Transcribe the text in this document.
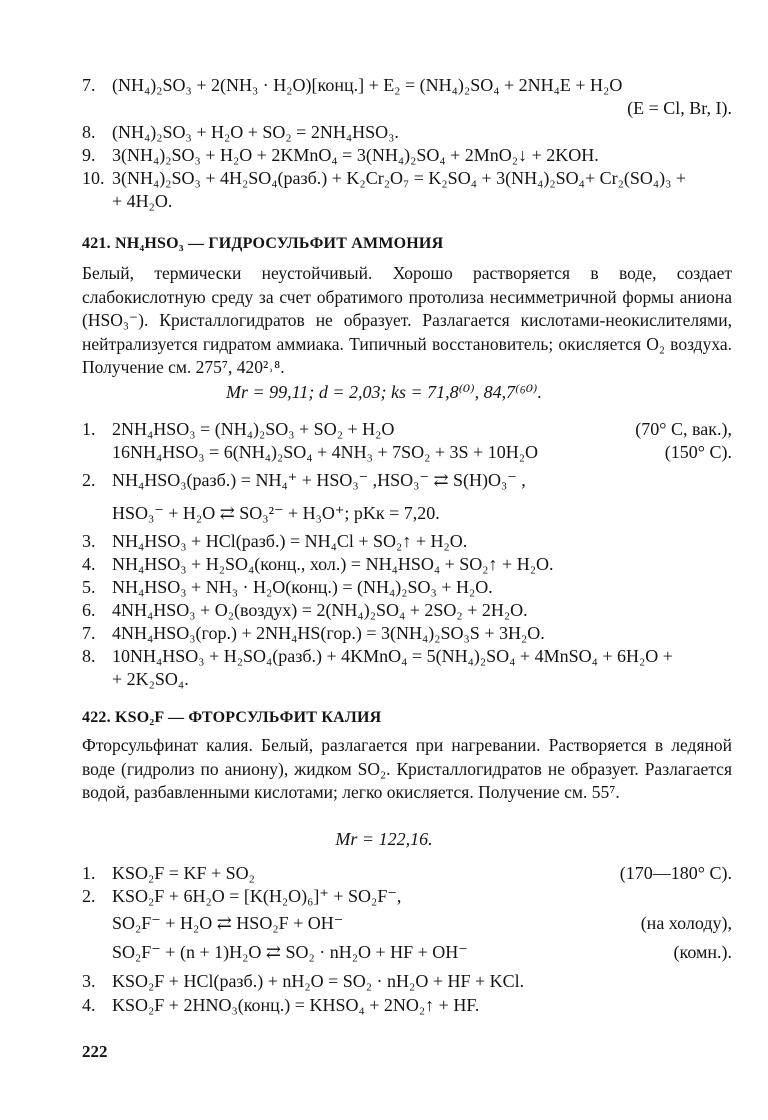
7. (NH₄)₂SO₃ + 2(NH₃ · H₂O)[конц.] + E₂ = (NH₄)₂SO₄ + 2NH₄E + H₂O
(E = Cl, Br, I).
8. (NH₄)₂SO₃ + H₂O + SO₂ = 2NH₄HSO₃.
9. 3(NH₄)₂SO₃ + H₂O + 2KMnO₄ = 3(NH₄)₂SO₄ + 2MnO₂↓ + 2KOH.
10. 3(NH₄)₂SO₃ + 4H₂SO₄(разб.) + K₂Cr₂O₇ = K₂SO₄ + 3(NH₄)₂SO₄+ Cr₂(SO₄)₃ +
+ 4H₂O.
421. NH₄HSO₃ — ГИДРОСУЛЬФИТ АММОНИЯ
Белый, термически неустойчивый. Хорошо растворяется в воде, создает слабокислотную среду за счет обратимого протолиза несимметричной формы аниона (HSO₃⁻). Кристаллогидратов не образует. Разлагается кислотами-неокислителями, нейтрализуется гидратом аммиака. Типичный восстановитель; окисляется O₂ воздуха. Получение см. 275⁷, 420²˒⁸.
Mr = 99,11; d = 2,03; ks = 71,8⁽⁰⁾, 84,7⁽⁶⁰⁾.
1. 2NH₄HSO₃ = (NH₄)₂SO₃ + SO₂ + H₂O	(70° C, вак.),
16NH₄HSO₃ = 6(NH₄)₂SO₄ + 4NH₃ + 7SO₂ + 3S + 10H₂O	(150° C).
2. NH₄HSO₃(разб.) = NH₄⁺ + HSO₃⁻ ,HSO₃⁻ ⇄ S(H)O₃⁻ ,
HSO₃⁻ + H₂O ⇄ SO₃²⁻ + H₃O⁺; pKк = 7,20.
3. NH₄HSO₃ + HCl(разб.) = NH₄Cl + SO₂↑ + H₂O.
4. NH₄HSO₃ + H₂SO₄(конц., хол.) = NH₄HSO₄ + SO₂↑ + H₂O.
5. NH₄HSO₃ + NH₃ · H₂O(конц.) = (NH₄)₂SO₃ + H₂O.
6. 4NH₄HSO₃ + O₂(воздух) = 2(NH₄)₂SO₄ + 2SO₂ + 2H₂O.
7. 4NH₄HSO₃(гор.) + 2NH₄HS(гор.) = 3(NH₄)₂SO₃S + 3H₂O.
8. 10NH₄HSO₃ + H₂SO₄(разб.) + 4KMnO₄ = 5(NH₄)₂SO₄ + 4MnSO₄ + 6H₂O +
+ 2K₂SO₄.
422. KSO₂F — ФТОРСУЛЬФИТ КАЛИЯ
Фторсульфинат калия. Белый, разлагается при нагревании. Растворяется в ледяной воде (гидролиз по аниону), жидком SO₂. Кристаллогидратов не образует. Разлагается водой, разбавленными кислотами; легко окисляется. Получение см. 55⁷.
Mr = 122,16.
1. KSO₂F = KF + SO₂	(170—180° C).
2. KSO₂F + 6H₂O = [K(H₂O)₆]⁺ + SO₂F⁻,
SO₂F⁻ + H₂O ⇄ HSO₂F + OH⁻	(на холоду),
SO₂F⁻ + (n + 1)H₂O ⇄ SO₂ · nH₂O + HF + OH⁻	(комн.).
3. KSO₂F + HCl(разб.) + nH₂O = SO₂ · nH₂O + HF + KCl.
4. KSO₂F + 2HNO₃(конц.) = KHSO₄ + 2NO₂↑ + HF.
222
